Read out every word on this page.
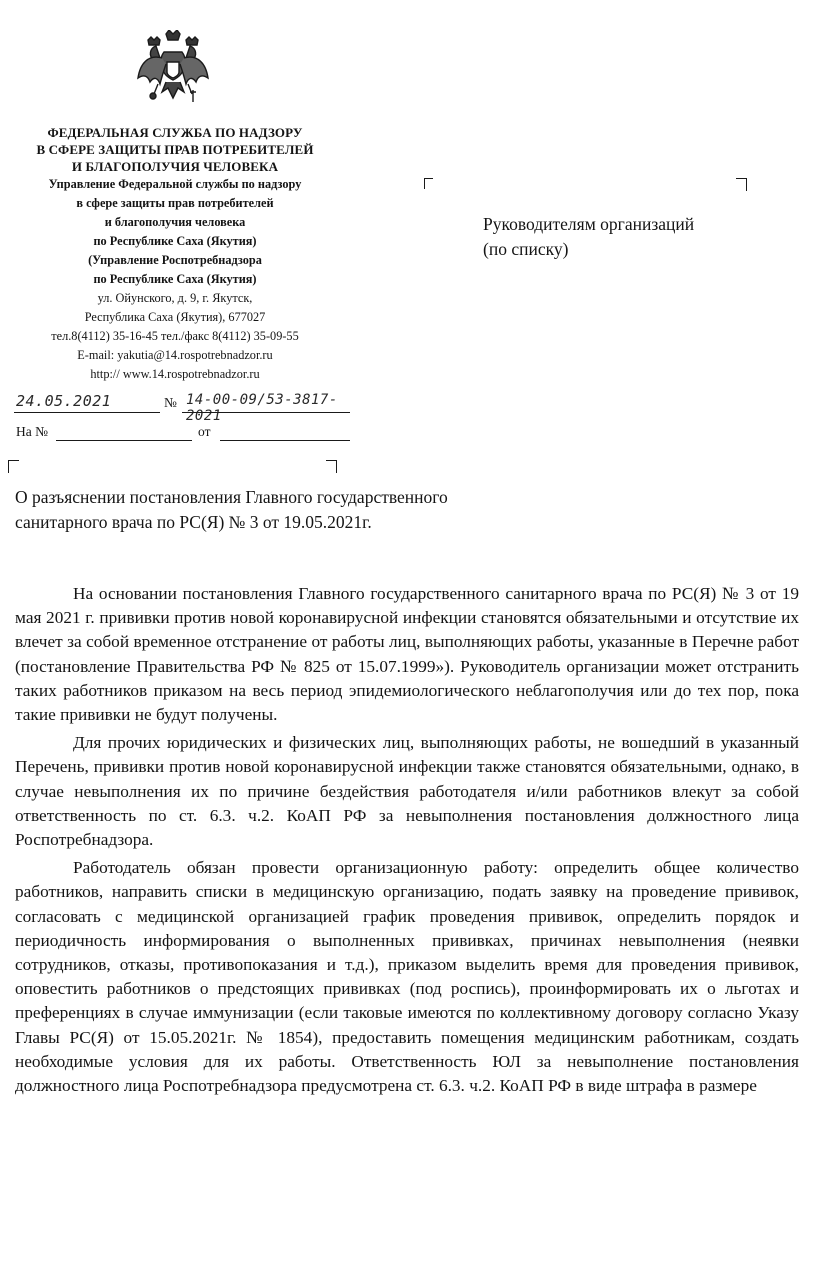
ФЕДЕРАЛЬНАЯ СЛУЖБА ПО НАДЗОРУ
В СФЕРЕ ЗАЩИТЫ ПРАВ ПОТРЕБИТЕЛЕЙ
И БЛАГОПОЛУЧИЯ ЧЕЛОВЕКА
Управление Федеральной службы по надзору
в сфере защиты прав потребителей
и благополучия человека
по Республике Саха (Якутия)
(Управление Роспотребнадзора
по Республике Саха (Якутия)
ул. Ойунского, д. 9, г. Якутск,
Республика Саха (Якутия), 677027
тел.8(4112) 35-16-45 тел./факс 8(4112) 35-09-55
E-mail: yakutia@14.rospotrebnadzor.ru
http:// www.14.rospotrebnadzor.ru
24.05.2021	№ 14-00-09/53-3817-2021
На №	от
Руководителям организаций
(по списку)
О разъяснении постановления Главного государственного
санитарного врача по РС(Я) № 3 от 19.05.2021г.

На основании постановления Главного государственного санитарного врача по РС(Я) № 3 от 19 мая 2021 г. прививки против новой коронавирусной инфекции становятся обязательными и отсутствие их влечет за собой временное отстранение от работы лиц, выполняющих работы, указанные в Перечне работ (постановление Правительства РФ № 825 от 15.07.1999»). Руководитель организации может отстранить таких работников приказом на весь период эпидемиологического неблагополучия или до тех пор, пока такие прививки не будут получены.

Для прочих юридических и физических лиц, выполняющих работы, не вошедший в указанный Перечень, прививки против новой коронавирусной инфекции также становятся обязательными, однако, в случае невыполнения их по причине бездействия работодателя и/или работников влекут за собой ответственность по ст. 6.3. ч.2. КоАП РФ за невыполнения постановления должностного лица Роспотребнадзора.

Работодатель обязан провести организационную работу: определить общее количество работников, направить списки в медицинскую организацию, подать заявку на проведение прививок, согласовать с медицинской организацией график проведения прививок, определить порядок и периодичность информирования о выполненных прививках, причинах невыполнения (неявки сотрудников, отказы, противопоказания и т.д.), приказом выделить время для проведения прививок, оповестить работников о предстоящих прививках (под роспись), проинформировать их о льготах и преференциях в случае иммунизации (если таковые имеются по коллективному договору согласно Указу Главы РС(Я) от 15.05.2021г. № 1854), предоставить помещения медицинским работникам, создать необходимые условия для их работы. Ответственность ЮЛ за невыполнение постановления должностного лица Роспотребнадзора предусмотрена ст. 6.3. ч.2. КоАП РФ в виде штрафа в размере
